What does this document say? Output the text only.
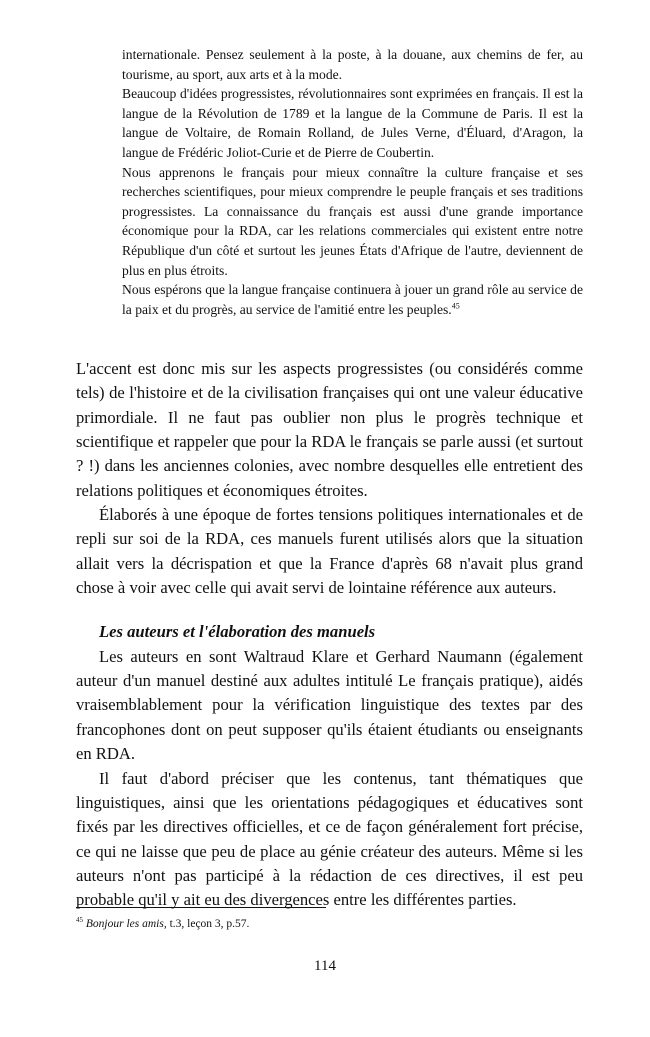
internationale. Pensez seulement à la poste, à la douane, aux chemins de fer, au tourisme, au sport, aux arts et à la mode.

Beaucoup d'idées progressistes, révolutionnaires sont exprimées en français. Il est la langue de la Révolution de 1789 et la langue de la Commune de Paris. Il est la langue de Voltaire, de Romain Rolland, de Jules Verne, d'Éluard, d'Aragon, la langue de Frédéric Joliot-Curie et de Pierre de Coubertin.

Nous apprenons le français pour mieux connaître la culture française et ses recherches scientifiques, pour mieux comprendre le peuple français et ses traditions progressistes. La connaissance du français est aussi d'une grande importance économique pour la RDA, car les relations commerciales qui existent entre notre République d'un côté et surtout les jeunes États d'Afrique de l'autre, deviennent de plus en plus étroits.

Nous espérons que la langue française continuera à jouer un grand rôle au service de la paix et du progrès, au service de l'amitié entre les peuples.$^{45}$

L'accent est donc mis sur les aspects progressistes (ou considérés comme tels) de l'histoire et de la civilisation françaises qui ont une valeur éducative primordiale. Il ne faut pas oublier non plus le progrès technique et scientifique et rappeler que pour la RDA le français se parle aussi (et surtout ? !) dans les anciennes colonies, avec nombre desquelles elle entretient des relations politiques et économiques étroites.

Élaborés à une époque de fortes tensions politiques internationales et de repli sur soi de la RDA, ces manuels furent utilisés alors que la situation allait vers la décrispation et que la France d'après 68 n'avait plus grand chose à voir avec celle qui avait servi de lointaine référence aux auteurs.

Les auteurs et l'élaboration des manuels

Les auteurs en sont Waltraud Klare et Gerhard Naumann (également auteur d'un manuel destiné aux adultes intitulé Le français pratique), aidés vraisemblablement pour la vérification linguistique des textes par des francophones dont on peut supposer qu'ils étaient étudiants ou enseignants en RDA.

Il faut d'abord préciser que les contenus, tant thématiques que linguistiques, ainsi que les orientations pédagogiques et éducatives sont fixés par les directives officielles, et ce de façon généralement fort précise, ce qui ne laisse que peu de place au génie créateur des auteurs. Même si les auteurs n'ont pas participé à la rédaction de ces directives, il est peu probable qu'il y ait eu des divergences entre les différentes parties.

$^{45}$ Bonjour les amis, t.3, leçon 3, p.57.
114
